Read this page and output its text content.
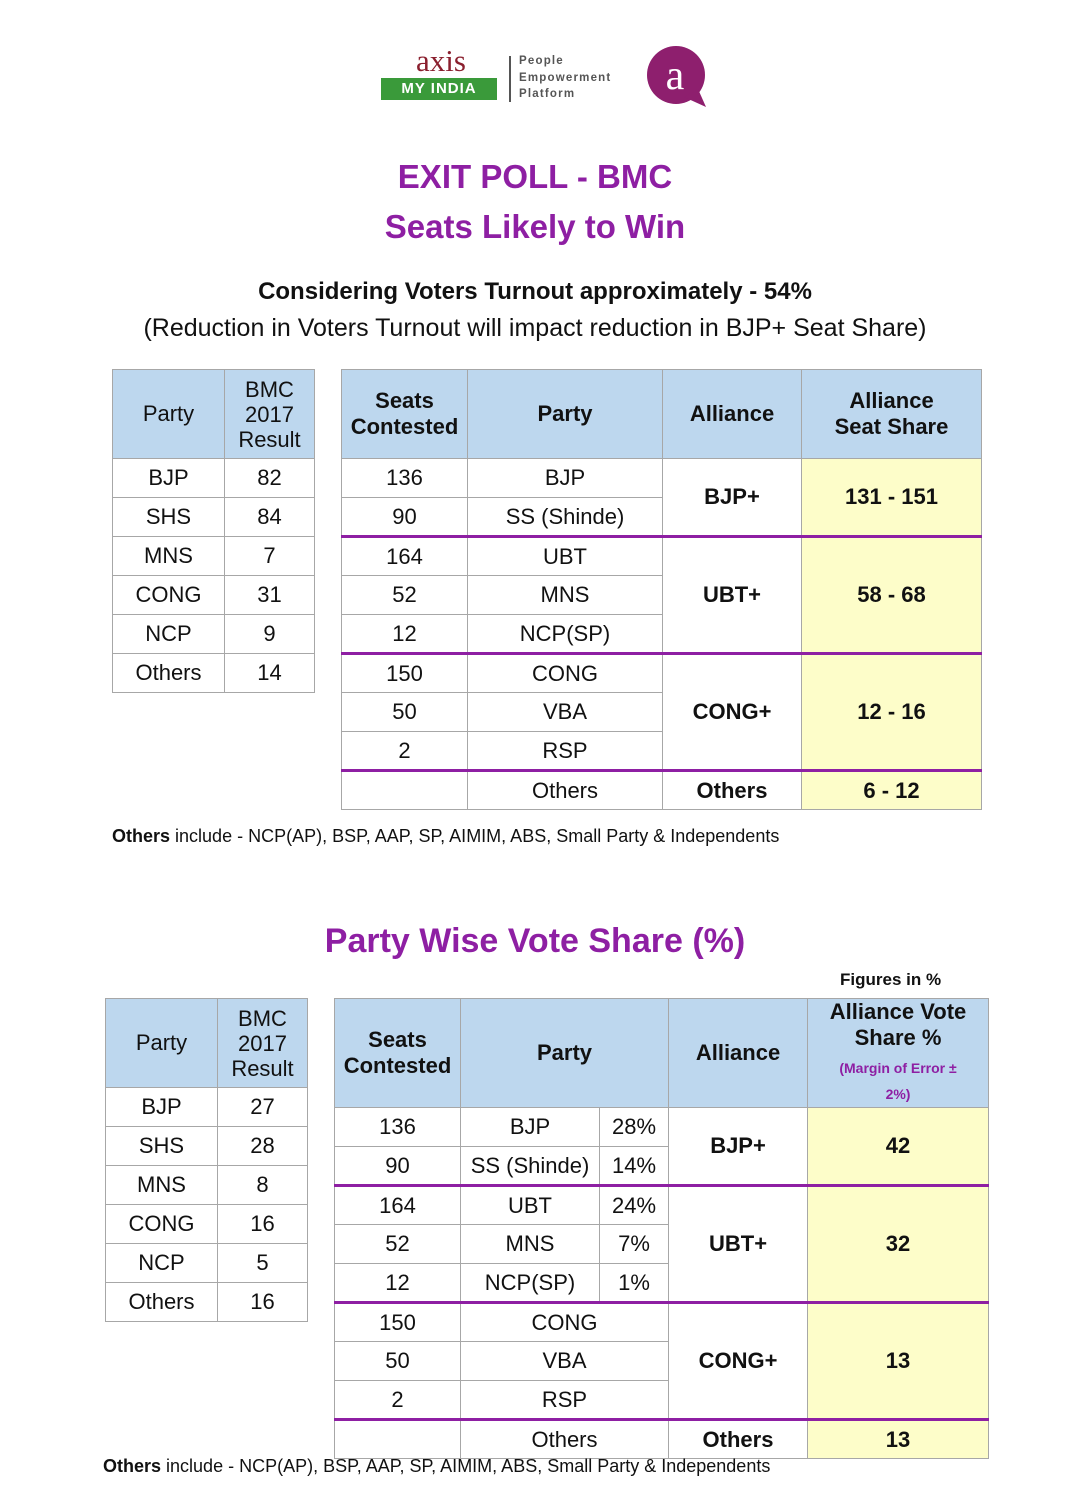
axis
MY INDIA
People
Empowerment
Platform	a
EXIT POLL - BMC
Seats Likely to Win
Considering Voters Turnout approximately - 54%
(Reduction in Voters Turnout will impact reduction in BJP+ Seat Share)
Party	BMC 2017 Result
BJP	82
SHS	84
MNS	7
CONG	31
NCP	9
Others	14
Seats Contested	Party	Alliance	Alliance Seat Share
136	BJP	BJP+	131 - 151
90	SS (Shinde)		
164	UBT	UBT+	58 - 68
52	MNS		
12	NCP(SP)		
150	CONG	CONG+	12 - 16
50	VBA		
2	RSP		
	Others	Others	6 - 12
Others include - NCP(AP), BSP, AAP, SP, AIMIM, ABS, Small Party & Independents
Party Wise Vote Share (%)
Figures in %
Party	BMC 2017 Result
BJP	27
SHS	28
MNS	8
CONG	16
NCP	5
Others	16
Seats Contested	Party		Alliance	Alliance Vote Share %
(Margin of Error ± 2%)

136	BJP	28%	BJP+	42
90	SS (Shinde)	14%		
164	UBT	24%	UBT+	32
52	MNS	7%		
12	NCP(SP)	1%		
150	CONG		CONG+	13
50	VBA			
2	RSP			
	Others		Others	13
Others include - NCP(AP), BSP, AAP, SP, AIMIM, ABS, Small Party & Independents
